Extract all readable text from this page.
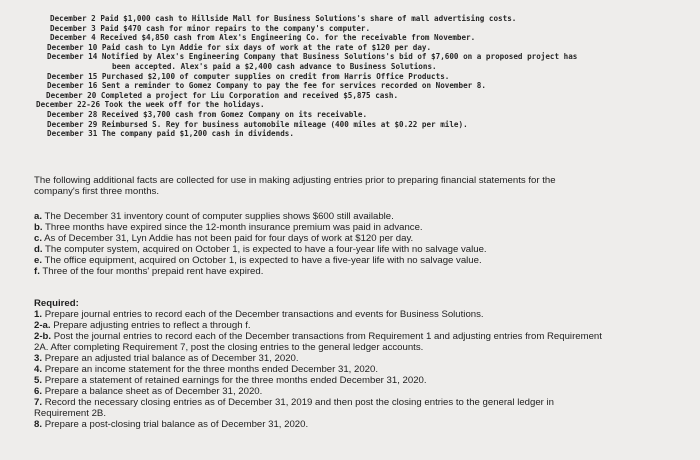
December 2 Paid $1,000 cash to Hillside Mall for Business Solutions's share of mall advertising costs.
December 3 Paid $470 cash for minor repairs to the company's computer.
December 4 Received $4,850 cash from Alex's Engineering Co. for the receivable from November.
December 10 Paid cash to Lyn Addie for six days of work at the rate of $120 per day.
December 14 Notified by Alex's Engineering Company that Business Solutions's bid of $7,600 on a proposed project has
been accepted. Alex's paid a $2,400 cash advance to Business Solutions.
December 15 Purchased $2,100 of computer supplies on credit from Harris Office Products.
December 16 Sent a reminder to Gomez Company to pay the fee for services recorded on November 8.
December 20 Completed a project for Liu Corporation and received $5,875 cash.
December 22-26 Took the week off for the holidays.
December 28 Received $3,700 cash from Gomez Company on its receivable.
December 29 Reimbursed S. Rey for business automobile mileage (400 miles at $0.22 per mile).
December 31 The company paid $1,200 cash in dividends.
The following additional facts are collected for use in making adjusting entries prior to preparing financial statements for the
company's first three months.
a. The December 31 inventory count of computer supplies shows $600 still available.
b. Three months have expired since the 12-month insurance premium was paid in advance.
c. As of December 31, Lyn Addie has not been paid for four days of work at $120 per day.
d. The computer system, acquired on October 1, is expected to have a four-year life with no salvage value.
e. The office equipment, acquired on October 1, is expected to have a five-year life with no salvage value.
f. Three of the four months' prepaid rent have expired.
Required:
1. Prepare journal entries to record each of the December transactions and events for Business Solutions.
2-a. Prepare adjusting entries to reflect a through f.
2-b. Post the journal entries to record each of the December transactions from Requirement 1 and adjusting entries from Requirement
2A. After completing Requirement 7, post the closing entries to the general ledger accounts.
3. Prepare an adjusted trial balance as of December 31, 2020.
4. Prepare an income statement for the three months ended December 31, 2020.
5. Prepare a statement of retained earnings for the three months ended December 31, 2020.
6. Prepare a balance sheet as of December 31, 2020.
7. Record the necessary closing entries as of December 31, 2019 and then post the closing entries to the general ledger in
Requirement 2B.
8. Prepare a post-closing trial balance as of December 31, 2020.
